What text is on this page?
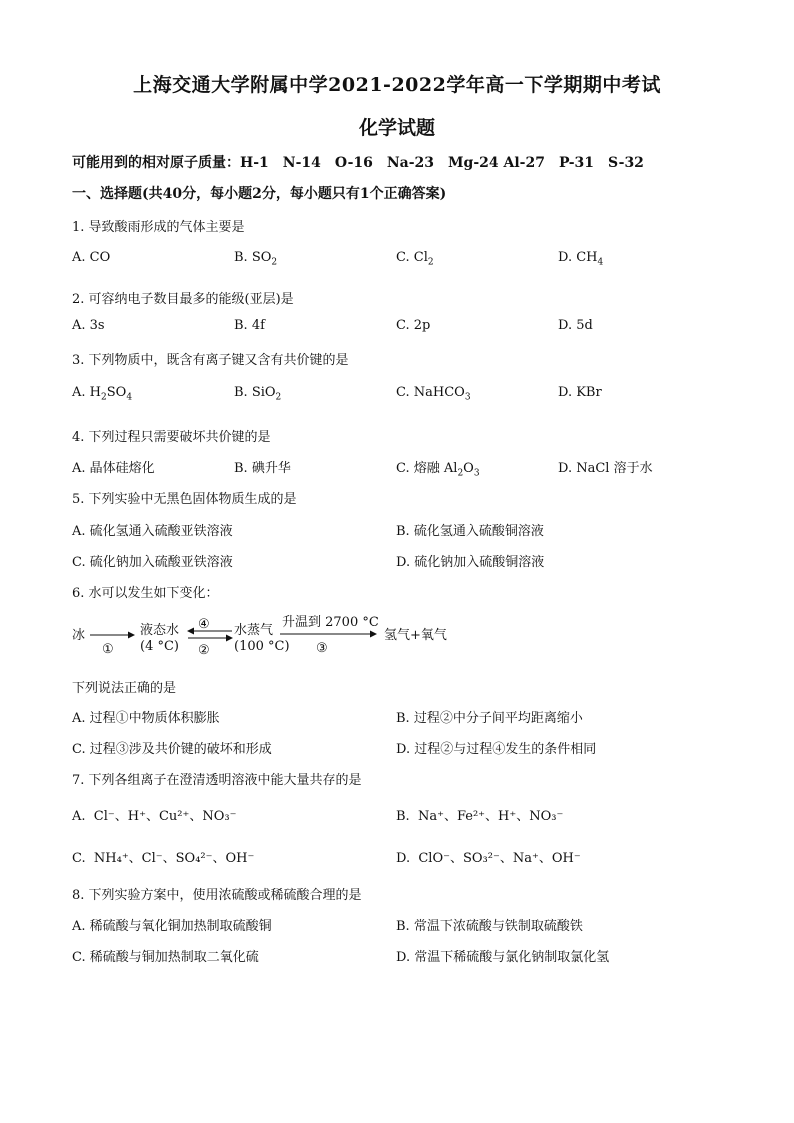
上海交通大学附属中学2021-2022学年高一下学期期中考试
化学试题
可能用到的相对原子质量：H-1　N-14　O-16　Na-23　Mg-24 Al-27　P-31　S-32
一、选择题(共40分，每小题2分，每小题只有1个正确答案)
1. 导致酸雨形成的气体主要是
A. CO	B. $SO_2$	C. $Cl_2$	D. $CH_4$
2. 可容纳电子数目最多的能级(亚层)是
A. 3s	B. 4f	C. 2p	D. 5d
3. 下列物质中，既含有离子键又含有共价键的是
A. $H_2SO_4$	B. SiO$_2$	C. NaHCO$_3$	D. KBr
4. 下列过程只需要破坏共价键的是
A. 晶体硅熔化	B. 碘升华	C. 熔融 $Al_2O_3$	D. NaCl 溶于水
5. 下列实验中无黑色固体物质生成的是
A. 硫化氢通入硫酸亚铁溶液	B. 硫化氢通入硫酸铜溶液
C. 硫化钠加入硫酸亚铁溶液	D. 硫化钠加入硫酸铜溶液
6. 水可以发生如下变化：
冰
①
液态水
(4 °C)
④
②
水蒸气
(100 °C)
升温到 2700 °C
③
氢气+氧气
下列说法正确的是
A. 过程①中物质体积膨胀	B. 过程②中分子间平均距离缩小
C. 过程③涉及共价键的破坏和形成	D. 过程②与过程④发生的条件相同
7. 下列各组离子在澄清透明溶液中能大量共存的是
A. Cl⁻、H⁺、Cu²⁺、NO₃⁻	B. Na⁺、Fe²⁺、H⁺、NO₃⁻
C. NH₄⁺、Cl⁻、SO₄²⁻、OH⁻	D. ClO⁻、SO₃²⁻、Na⁺、OH⁻
8. 下列实验方案中，使用浓硫酸或稀硫酸合理的是
A. 稀硫酸与氧化铜加热制取硫酸铜	B. 常温下浓硫酸与铁制取硫酸铁
C. 稀硫酸与铜加热制取二氧化硫	D. 常温下稀硫酸与氯化钠制取氯化氢
